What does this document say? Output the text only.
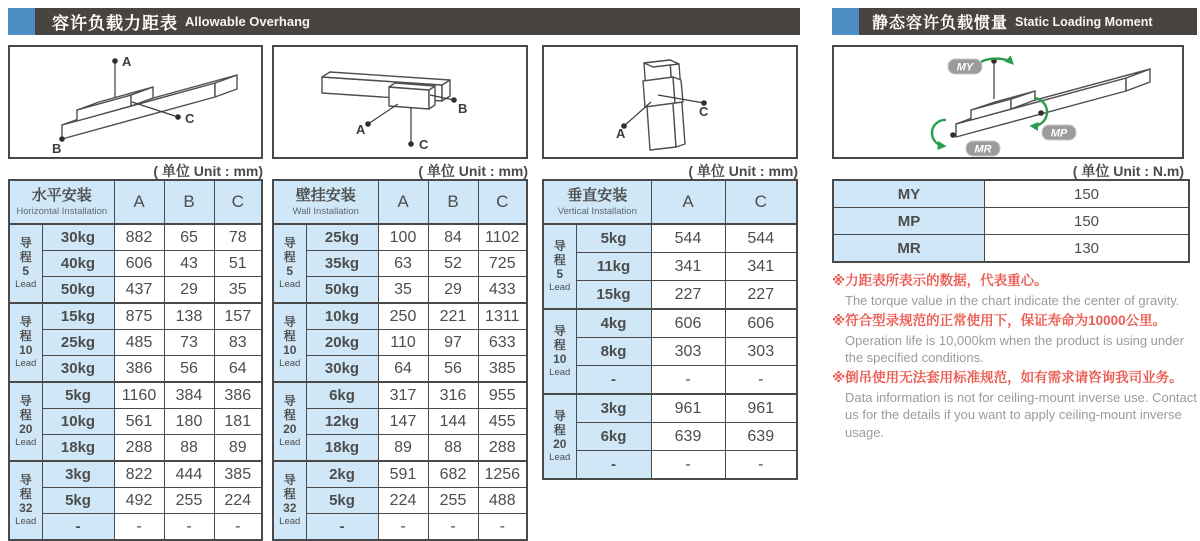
容许负载力距表 Allowable Overhang
A
B
C
( 单位 Unit : mm)
水平安装
Horizontal Installation		A	B	C

导
程
5
Lead	30kg	882	65	78
	40kg	606	43	51
	50kg	437	29	35

导
程
10
Lead	15kg	875	138	157
	25kg	485	73	83
	30kg	386	56	64

导
程
20
Lead	5kg	1160	384	386
	10kg	561	180	181
	18kg	288	88	89

导
程
32
Lead	3kg	822	444	385
	5kg	492	255	224
	-	-	-	-
A
B
C
( 单位 Unit : mm)
壁挂安装
Wall Installation		A	B	C

导
程
5
Lead	25kg	100	84	1102
	35kg	63	52	725
	50kg	35	29	433

导
程
10
Lead	10kg	250	221	1311
	20kg	110	97	633
	30kg	64	56	385

导
程
20
Lead	6kg	317	316	955
	12kg	147	144	455
	18kg	89	88	288

导
程
32
Lead	2kg	591	682	1256
	5kg	224	255	488
	-	-	-	-
A
C
( 单位 Unit : mm)
垂直安装
Vertical Installation		A	C

导
程
5
Lead	5kg	544	544
	11kg	341	341
	15kg	227	227

导
程
10
Lead	4kg	606	606
	8kg	303	303
	-	-	-

导
程
20
Lead	3kg	961	961
	6kg	639	639
	-	-	-
静态容许负载惯量 Static Loading Moment
MY
MP
MR
( 单位 Unit : N.m)
MY	150
MP	150
MR	130
※力距表所表示的数据，代表重心。
The torque value in the chart indicate the center of gravity.
※符合型录规范的正常使用下，保证寿命为10000公里。
Operation life is 10,000km when the product is using under the specified conditions.
※倒吊使用无法套用标准规范，如有需求请咨询我司业务。
Data information is not for ceiling-mount inverse use. Contact us for the details if you want to apply ceiling-mount inverse usage.
